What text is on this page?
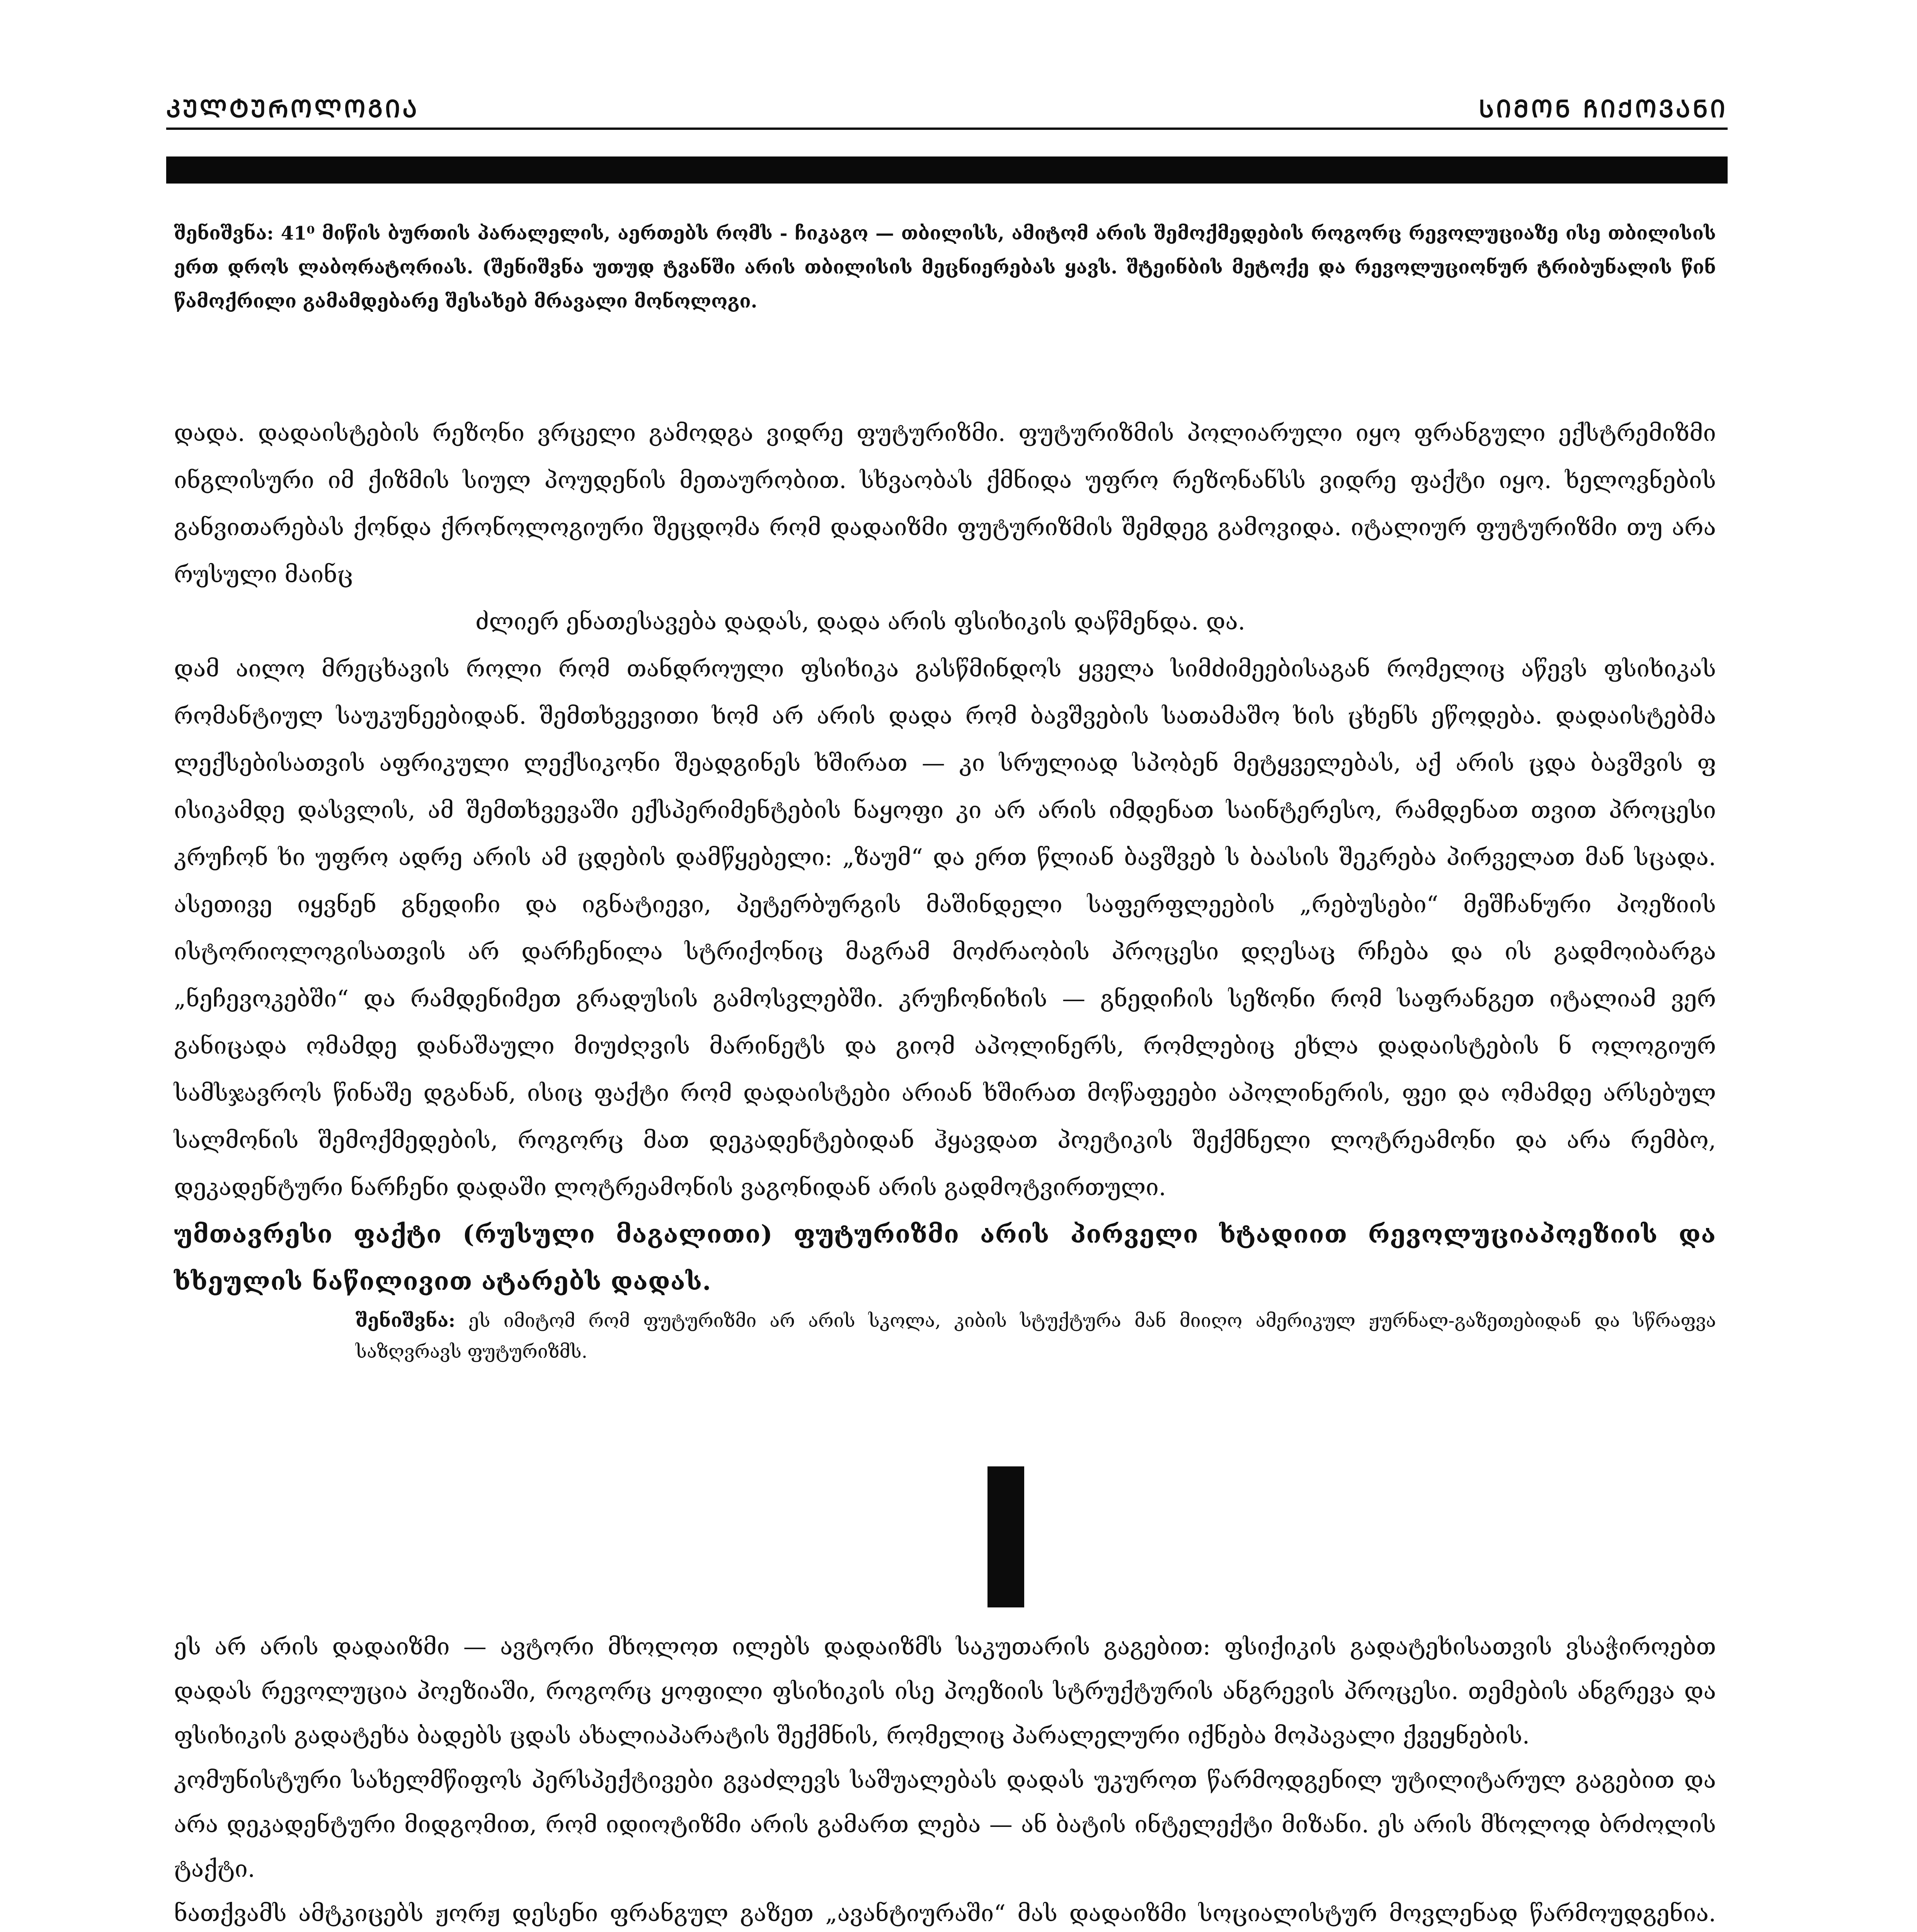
ᲙᲣᲚᲢᲣᲠᲝᲚᲝᲒᲘᲐ	ᲡᲘᲛᲝᲜ ᲩᲘᲥᲝᲕᲐᲜᲘ
შენიშვნა: 41⁰ მიწის ბურთის პარალელის, აერთებს რომს - ჩიკაგო — თბილისს, ამიტომ არის შემოქმედების როგორც რევოლუციაზე ისე თბილისის ერთ დროს ლაბორატორიას. (შენიშვნა უთუდ ტვანში არის თბილისის მეცნიერებას ყავს. შტეინბის მეტოქე და რევოლუციონურ ტრიბუნალის წინ წამოქრილი გამამდებარე შესახებ მრავალი მონოლოგი.

დადა. დადაისტების რეზონი ვრცელი გამოდგა ვიდრე ფუტურიზმი. ფუტურიზმის პოლიარული იყო ფრანგული ექსტრემიზმი ინგლისური იმ ქიზმის სიულ პოუდენის მეთაურობით. სხვაობას ქმნიდა უფრო რეზონანსს ვიდრე ფაქტი იყო. ხელოვნების განვითარებას ქონდა ქრონოლოგიური შეცდომა რომ დადაიზმი ფუტურიზმის შემდეგ გამოვიდა. იტალიურ ფუტურიზმი თუ არა რუსული მაინც

ძლიერ ენათესავება დადას, დადა არის ფსიხიკის დაწმენდა. და.

დამ აილო მრეცხავის როლი რომ თანდროული ფსიხიკა გასწმინდოს ყველა სიმძიმეებისაგან რომელიც აწევს ფსიხიკას რომანტიულ საუკუნეებიდან. შემთხვევითი ხომ არ არის დადა რომ ბავშვების სათამაშო ხის ცხენს ეწოდება. დადაისტებმა ლექსებისათვის აფრიკული ლექსიკონი შეადგინეს ხშირათ — კი სრულიად სპობენ მეტყველებას, აქ არის ცდა ბავშვის ფ ისიკამდე დასვლის, ამ შემთხვევაში ექსპერიმენტების ნაყოფი კი არ არის იმდენათ საინტერესო, რამდენათ თვით პროცესი კრუჩონ ხი უფრო ადრე არის ამ ცდების დამწყებელი: „ზაუმ“ და ერთ წლიან ბავშვებ ს ბაასის შეკრება პირველათ მან სცადა. ასეთივე იყვნენ გნედიჩი და იგნატიევი, პეტერბურგის მაშინდელი საფერფლეების „რებუსები“ მეშჩანური პოეზიის ისტორიოლოგისათვის არ დარჩენილა სტრიქონიც მაგრამ მოძრაობის პროცესი დღესაც რჩება და ის გადმოიბარგა „ნეჩევოკებში“ და რამდენიმეთ გრადუსის გამოსვლებში. კრუჩონიხის — გნედიჩის სეზონი რომ საფრანგეთ იტალიამ ვერ განიცადა ომამდე დანაშაული მიუძღვის მარინეტს და გიომ აპოლინერს, რომლებიც ეხლა დადაისტების ნ ოლოგიურ სამსჯავროს წინაშე დგანან, ისიც ფაქტი რომ დადაისტები არიან ხშირათ მოწაფეები აპოლინერის, ფეი და ომამდე არსებულ სალმონის შემოქმედების, როგორც მათ დეკადენტებიდან ჰყავდათ პოეტიკის შექმნელი ლოტრეამონი და არა რემბო, დეკადენტური ნარჩენი დადაში ლოტრეამონის ვაგონიდან არის გადმოტვირთული.

უმთავრესი ფაქტი (რუსული მაგალითი) ფუტურიზმი არის პირველი ხტადიით რევოლუციაპოეზიის და ხხეულის ნაწილივით ატარებს დადას.

შენიშვნა: ეს იმიტომ რომ ფუტურიზმი არ არის სკოლა, კიბის სტუქტურა მან მიიღო ამერიკულ ჟურნალ-გაზეთებიდან და სწრაფვა საზღვრავს ფუტურიზმს.

ეს არ არის დადაიზმი — ავტორი მხოლოთ ილებს დადაიზმს საკუთარის გაგებით: ფსიქიკის გადატეხისათვის ვსაჭიროებთ დადას რევოლუცია პოეზიაში, როგორც ყოფილი ფსიხიკის ისე პოეზიის სტრუქტურის ანგრევის პროცესი. თემების ანგრევა და ფსიხიკის გადატეხა ბადებს ცდას ახალიაპარატის შექმნის, რომელიც პარალელური იქნება მოპავალი ქვეყნების.

კომუნისტური სახელმწიფოს პერსპექტივები გვაძლევს საშუალებას დადას უკუროთ წარმოდგენილ უტილიტარულ გაგებით და არა დეკადენტური მიდგომით, რომ იდიოტიზმი არის გამართ ლება — ან ბატის ინტელექტი მიზანი. ეს არის მხოლოდ ბრძოლის ტაქტი.

ნათქვამს ამტკიცებს ჟორჟ დესენი ფრანგულ გაზეთ „ავანტიურაში“ მას დადაიზმი სოციალისტურ მოვლენად წარმოუდგენია.
